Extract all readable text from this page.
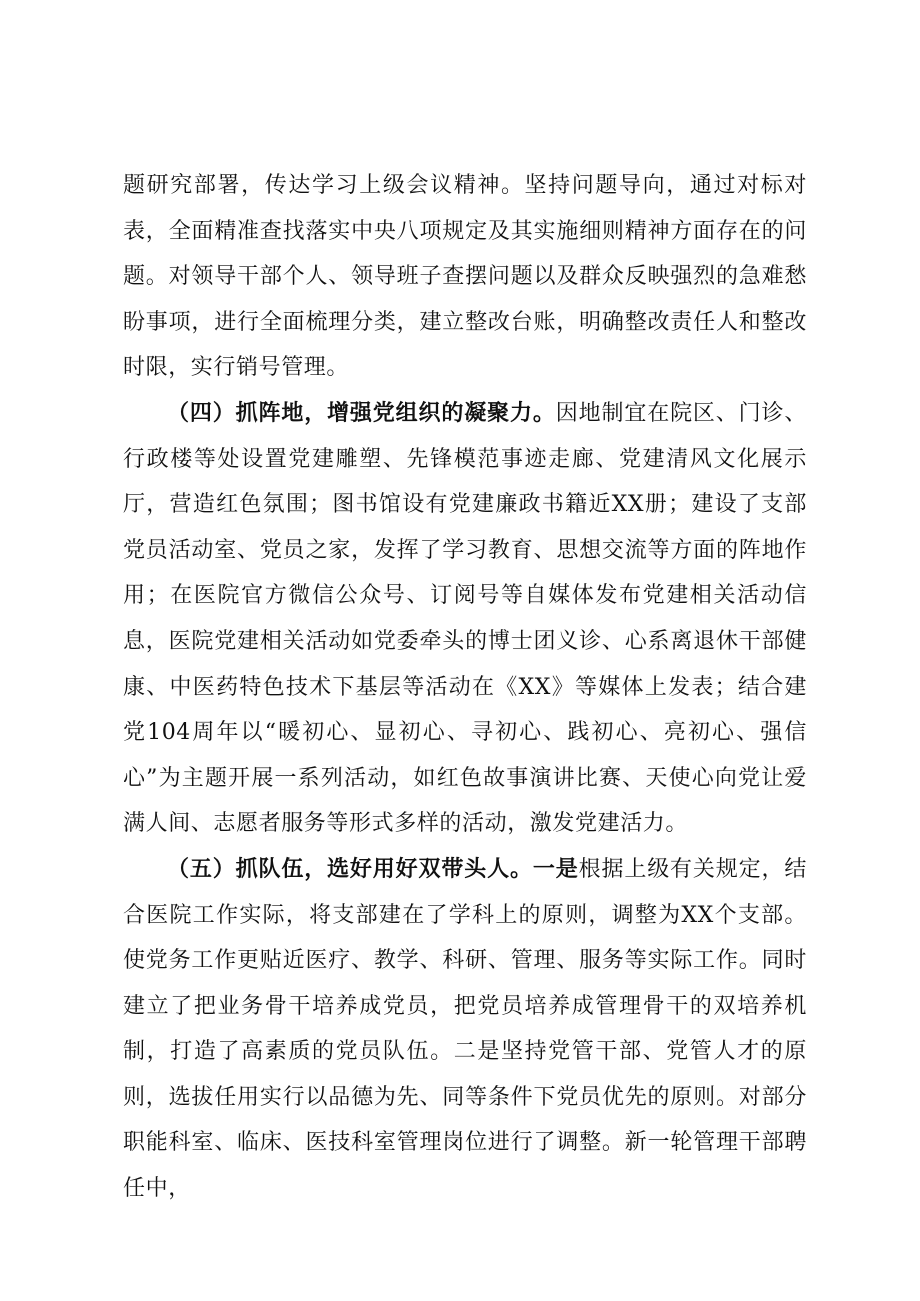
题研究部署，传达学习上级会议精神。坚持问题导向，通过对标对表，全面精准查找落实中央八项规定及其实施细则精神方面存在的问题。对领导干部个人、领导班子查摆问题以及群众反映强烈的急难愁盼事项，进行全面梳理分类，建立整改台账，明确整改责任人和整改时限，实行销号管理。

（四）抓阵地，增强党组织的凝聚力。因地制宜在院区、门诊、行政楼等处设置党建雕塑、先锋模范事迹走廊、党建清风文化展示厅，营造红色氛围；图书馆设有党建廉政书籍近XX册；建设了支部党员活动室、党员之家，发挥了学习教育、思想交流等方面的阵地作用；在医院官方微信公众号、订阅号等自媒体发布党建相关活动信息，医院党建相关活动如党委牵头的博士团义诊、心系离退休干部健康、中医药特色技术下基层等活动在《XX》等媒体上发表；结合建党104周年以“暖初心、显初心、寻初心、践初心、亮初心、强信心”为主题开展一系列活动，如红色故事演讲比赛、天使心向党让爱满人间、志愿者服务等形式多样的活动，激发党建活力。

（五）抓队伍，选好用好双带头人。一是根据上级有关规定，结合医院工作实际，将支部建在了学科上的原则，调整为XX个支部。使党务工作更贴近医疗、教学、科研、管理、服务等实际工作。同时建立了把业务骨干培养成党员，把党员培养成管理骨干的双培养机制，打造了高素质的党员队伍。二是坚持党管干部、党管人才的原则，选拔任用实行以品德为先、同等条件下党员优先的原则。对部分职能科室、临床、医技科室管理岗位进行了调整。新一轮管理干部聘任中，
